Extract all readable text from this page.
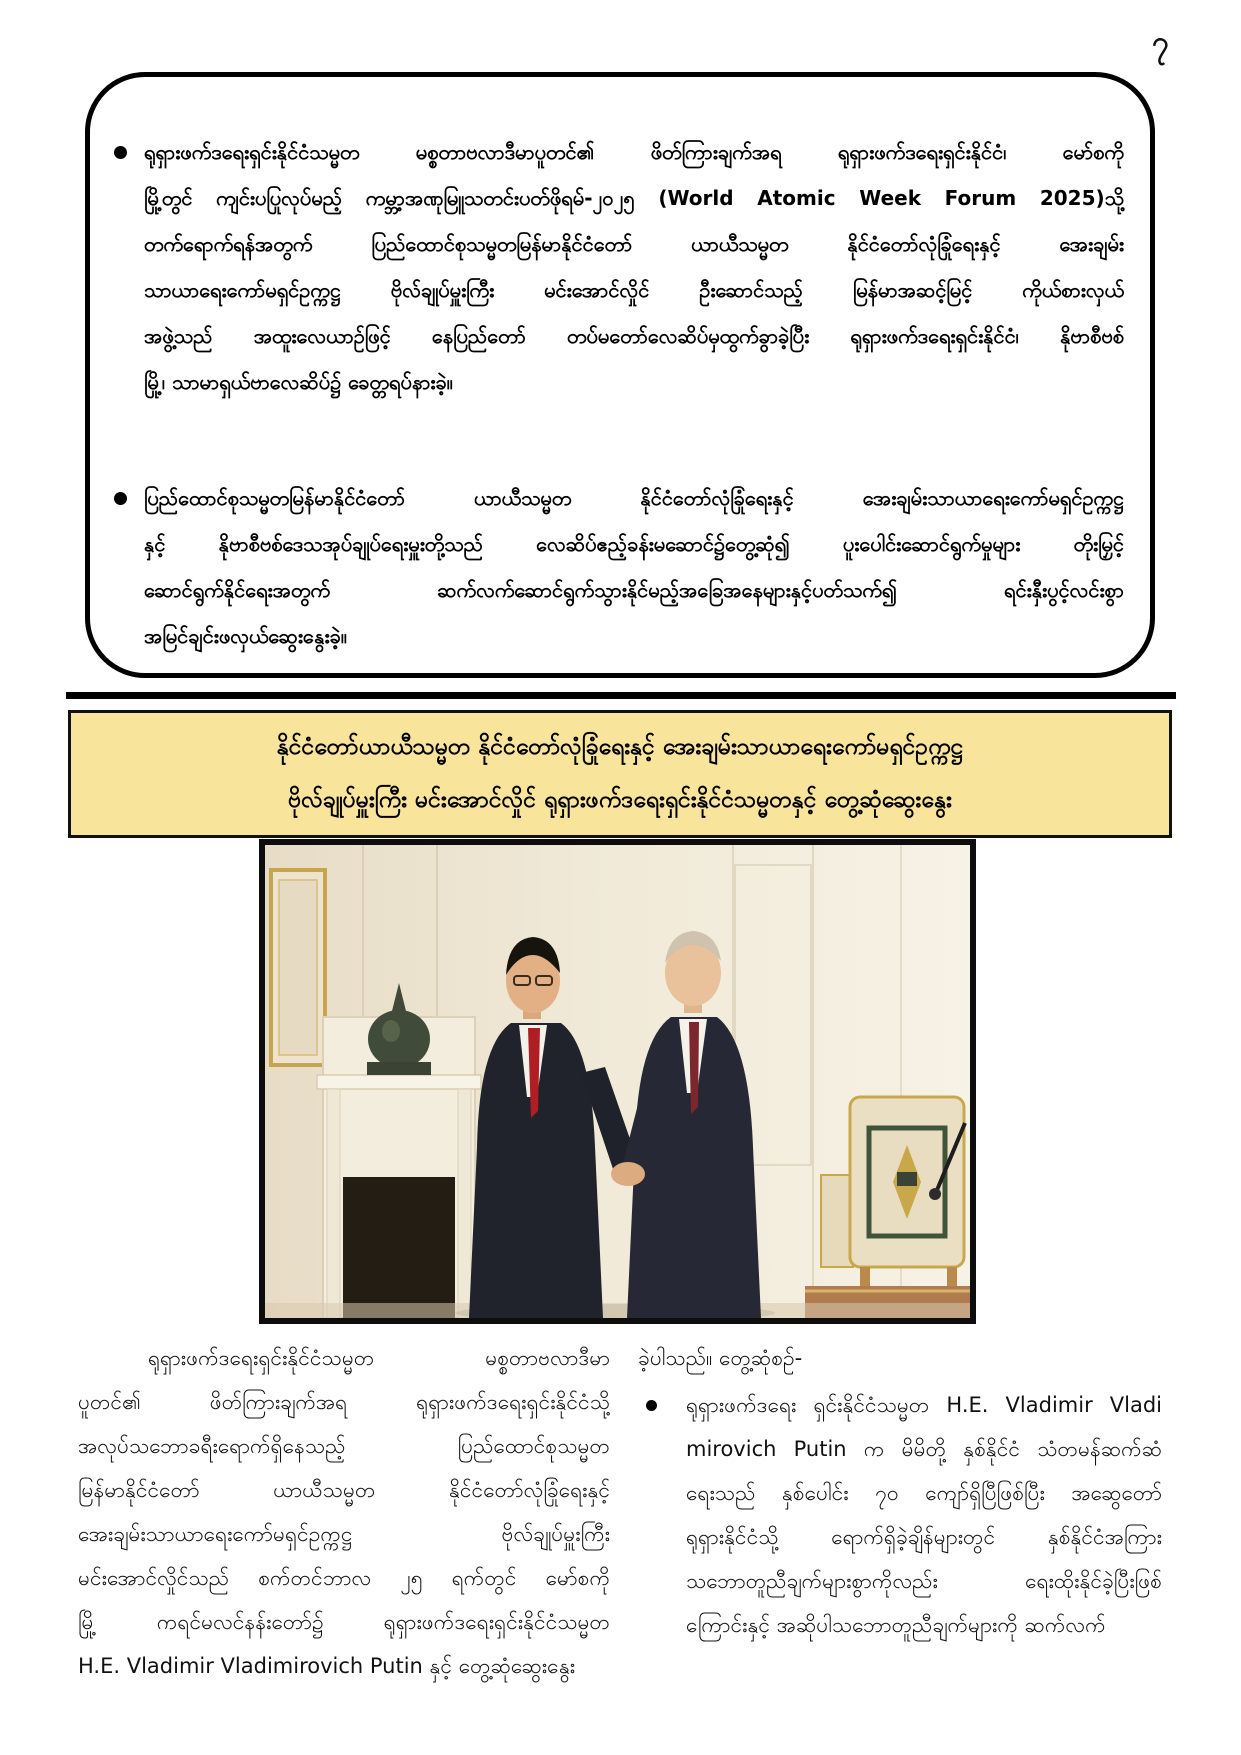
၇
ရုရှားဖက်ဒရေးရှင်းနိုင်ငံသမ္မတ မစ္စတာဗလာဒီမာပူတင်၏ ဖိတ်ကြားချက်အရ ရုရှားဖက်ဒရေးရှင်းနိုင်ငံ၊ မော်စကို
မြို့တွင် ကျင်းပပြုလုပ်မည့် ကမ္ဘာ့အဏုမြူသတင်းပတ်ဖိုရမ်-၂၀၂၅ (World Atomic Week Forum 2025)သို့
တက်ရောက်ရန်အတွက် ပြည်ထောင်စုသမ္မတမြန်မာနိုင်ငံတော် ယာယီသမ္မတ နိုင်ငံတော်လုံခြုံရေးနှင့် အေးချမ်း
သာယာရေးကော်မရှင်ဥက္ကဋ္ဌ ဗိုလ်ချုပ်မှူးကြီး မင်းအောင်လှိုင် ဦးဆောင်သည့် မြန်မာအဆင့်မြင့် ကိုယ်စားလှယ်
အဖွဲ့သည် အထူးလေယာဉ်ဖြင့် နေပြည်တော် တပ်မတော်လေဆိပ်မှထွက်ခွာခဲ့ပြီး ရုရှားဖက်ဒရေးရှင်းနိုင်ငံ၊ နိုဗာစီဗစ်
မြို့၊ သာမာရှယ်ဗာလေဆိပ်၌ ခေတ္တရပ်နားခဲ့။
ပြည်ထောင်စုသမ္မတမြန်မာနိုင်ငံတော် ယာယီသမ္မတ နိုင်ငံတော်လုံခြုံရေးနှင့် အေးချမ်းသာယာရေးကော်မရှင်ဥက္ကဋ္ဌ
နှင့် နိုဗာစီဗစ်ဒေသအုပ်ချုပ်ရေးမှူးတို့သည် လေဆိပ်ဧည့်ခန်းမဆောင်၌တွေ့ဆုံ၍ ပူးပေါင်းဆောင်ရွက်မှုများ တိုးမြှင့်
ဆောင်ရွက်နိုင်ရေးအတွက် ဆက်လက်ဆောင်ရွက်သွားနိုင်မည့်အခြေအနေများနှင့်ပတ်သက်၍ ရင်းနှီးပွင့်လင်းစွာ
အမြင်ချင်းဖလှယ်ဆွေးနွေးခဲ့။
နိုင်ငံတော်ယာယီသမ္မတ နိုင်ငံတော်လုံခြုံရေးနှင့် အေးချမ်းသာယာရေးကော်မရှင်ဥက္ကဋ္ဌ
ဗိုလ်ချုပ်မှူးကြီး မင်းအောင်လှိုင် ရုရှားဖက်ဒရေးရှင်းနိုင်ငံသမ္မတနှင့် တွေ့ဆုံဆွေးနွေး
ရုရှားဖက်ဒရေးရှင်းနိုင်ငံသမ္မတ မစ္စတာဗလာဒီမာ
ပူတင်၏ ဖိတ်ကြားချက်အရ ရုရှားဖက်ဒရေးရှင်းနိုင်ငံသို့
အလုပ်သဘောခရီးရောက်ရှိနေသည့် ပြည်ထောင်စုသမ္မတ
မြန်မာနိုင်ငံတော် ယာယီသမ္မတ နိုင်ငံတော်လုံခြုံရေးနှင့်
အေးချမ်းသာယာရေးကော်မရှင်ဥက္ကဋ္ဌ ဗိုလ်ချုပ်မှူးကြီး
မင်းအောင်လှိုင်သည် စက်တင်ဘာလ ၂၅ ရက်တွင် မော်စကို
မြို့ ကရင်မလင်နန်းတော်၌ ရုရှားဖက်ဒရေးရှင်းနိုင်ငံသမ္မတ
H.E. Vladimir Vladimirovich Putin နှင့် တွေ့ဆုံဆွေးနွေး
ခဲ့ပါသည်။ တွေ့ဆုံစဉ်-
ရုရှားဖက်ဒရေး ရှင်းနိုင်ငံသမ္မတ H.E. Vladimir Vladi
mirovich Putin က မိမိတို့ နှစ်နိုင်ငံ သံတမန်ဆက်ဆံ
ရေးသည် နှစ်ပေါင်း ၇၀ ကျော်ရှိပြီဖြစ်ပြီး အဆွေတော်
ရုရှားနိုင်ငံသို့ ရောက်ရှိခဲ့ချိန်များတွင် နှစ်နိုင်ငံအကြား
သဘောတူညီချက်များစွာကိုလည်း ရေးထိုးနိုင်ခဲ့ပြီးဖြစ်
ကြောင်းနှင့် အဆိုပါသဘောတူညီချက်များကို ဆက်လက်
